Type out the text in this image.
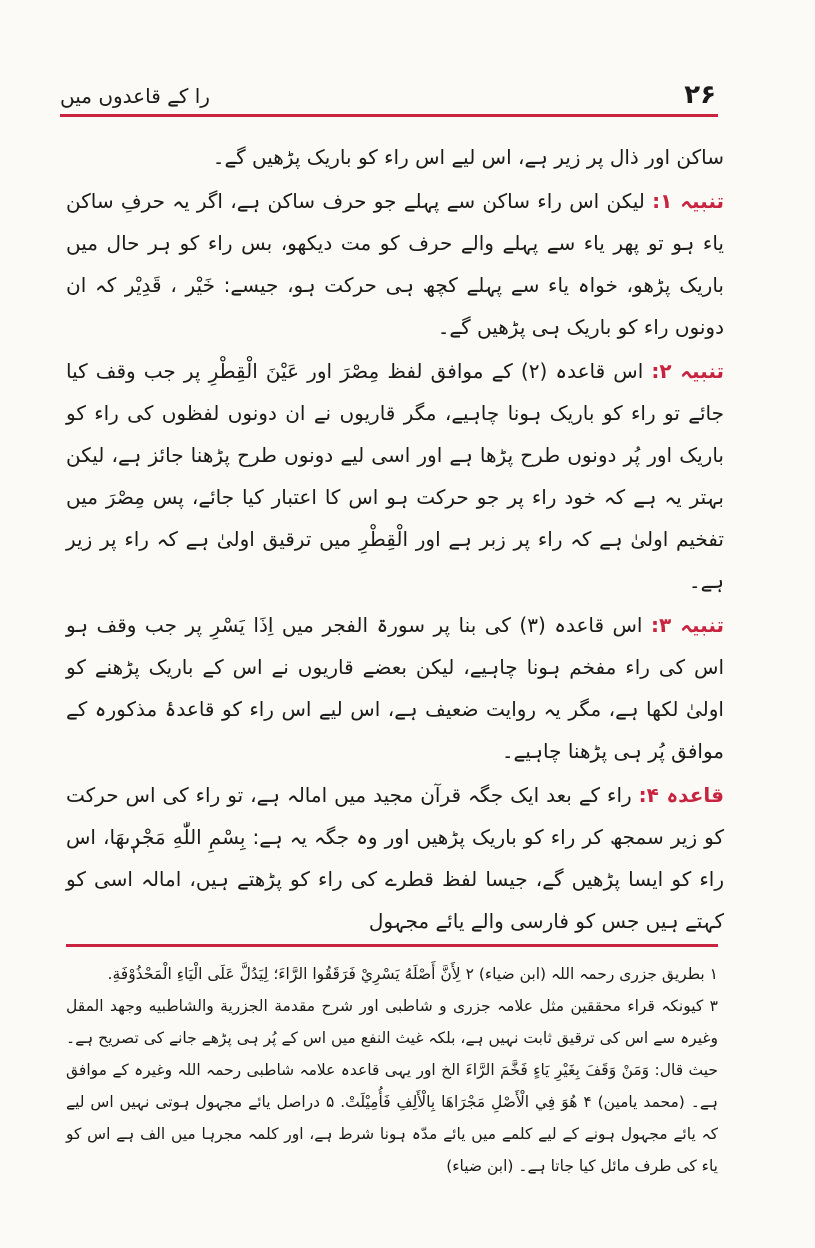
را کے قاعدوں میں	۲۶

ساکن اور ذال پر زیر ہے، اس لیے اس راء کو باریک پڑھیں گے۔

تنبیہ ۱: لیکن اس راء ساکن سے پہلے جو حرف ساکن ہے، اگر یہ حرفِ ساکن یاء ہو تو پھر یاء سے پہلے والے حرف کو مت دیکھو، بس راء کو ہر حال میں باریک پڑھو، خواہ یاء سے پہلے کچھ ہی حرکت ہو، جیسے: خَیْر ، قَدِیْر کہ ان دونوں راء کو باریک ہی پڑھیں گے۔

تنبیہ ۲: اس قاعدہ (۲) کے موافق لفظ مِصْرَ اور عَیْنَ الْقِطْرِ پر جب وقف کیا جائے تو راء کو باریک ہونا چاہیے، مگر قاریوں نے ان دونوں لفظوں کی راء کو باریک اور پُر دونوں طرح پڑھا ہے اور اسی لیے دونوں طرح پڑھنا جائز ہے، لیکن بہتر یہ ہے کہ خود راء پر جو حرکت ہو اس کا اعتبار کیا جائے، پس مِصْرَ میں تفخیم اولیٰ ہے کہ راء پر زبر ہے اور الْقِطْرِ میں ترقیق اولیٰ ہے کہ راء پر زیر ہے۔

تنبیہ ۳: اس قاعدہ (۳) کی بنا پر سورۃ الفجر میں اِذَا یَسْرِ پر جب وقف ہو اس کی راء مفخم ہونا چاہیے، لیکن بعضے قاریوں نے اس کے باریک پڑھنے کو اولیٰ لکھا ہے، مگر یہ روایت ضعیف ہے، اس لیے اس راء کو قاعدۂ مذکورہ کے موافق پُر ہی پڑھنا چاہیے۔

قاعدہ ۴: راء کے بعد ایک جگہ قرآن مجید میں امالہ ہے، تو راء کی اس حرکت کو زیر سمجھ کر راء کو باریک پڑھیں اور وہ جگہ یہ ہے: بِسْمِ اللّٰهِ مَجْرٖىهَا، اس راء کو ایسا پڑھیں گے، جیسا لفظ قطرے کی راء کو پڑھتے ہیں، امالہ اسی کو کہتے ہیں جس کو فارسی والے یائے مجہول

۱ بطریق جزری رحمہ اللہ (ابن ضیاء) ۲ لِأَنَّ أَصْلَهُ يَسْرِيْ فَرَقَقُوا الرَّاءَ؛ لِيَدُلَّ عَلَى الْيَاءِ الْمَحْذُوْفَةِ.

۳ کیونکہ قراء محققین مثل علامہ جزری و شاطبی اور شرح مقدمة الجزرية والشاطبيه وجهد المقل وغیرہ سے اس کی ترقیق ثابت نہیں ہے، بلکہ غیث النفع میں اس کے پُر ہی پڑھے جانے کی تصریح ہے۔ حیث قال: وَمَنْ وَقَفَ بِغَيْرِ يَاءٍ فَخَّمَ الرَّاءَ الخ اور یہی قاعدہ علامہ شاطبی رحمہ اللہ وغیرہ کے موافق ہے۔ (محمد یامین) ۴ هُوَ فِي الْأَصْلِ مَجْرَاهَا بِالْأَلِفِ فَأُمِيْلَتْ. ۵ دراصل یائے مجہول ہوتی نہیں اس لیے کہ یائے مجہول ہونے کے لیے کلمے میں یائے مدّہ ہونا شرط ہے، اور کلمہ مجرہا میں الف ہے اس کو یاء کی طرف مائل کیا جاتا ہے۔ (ابن ضیاء)
